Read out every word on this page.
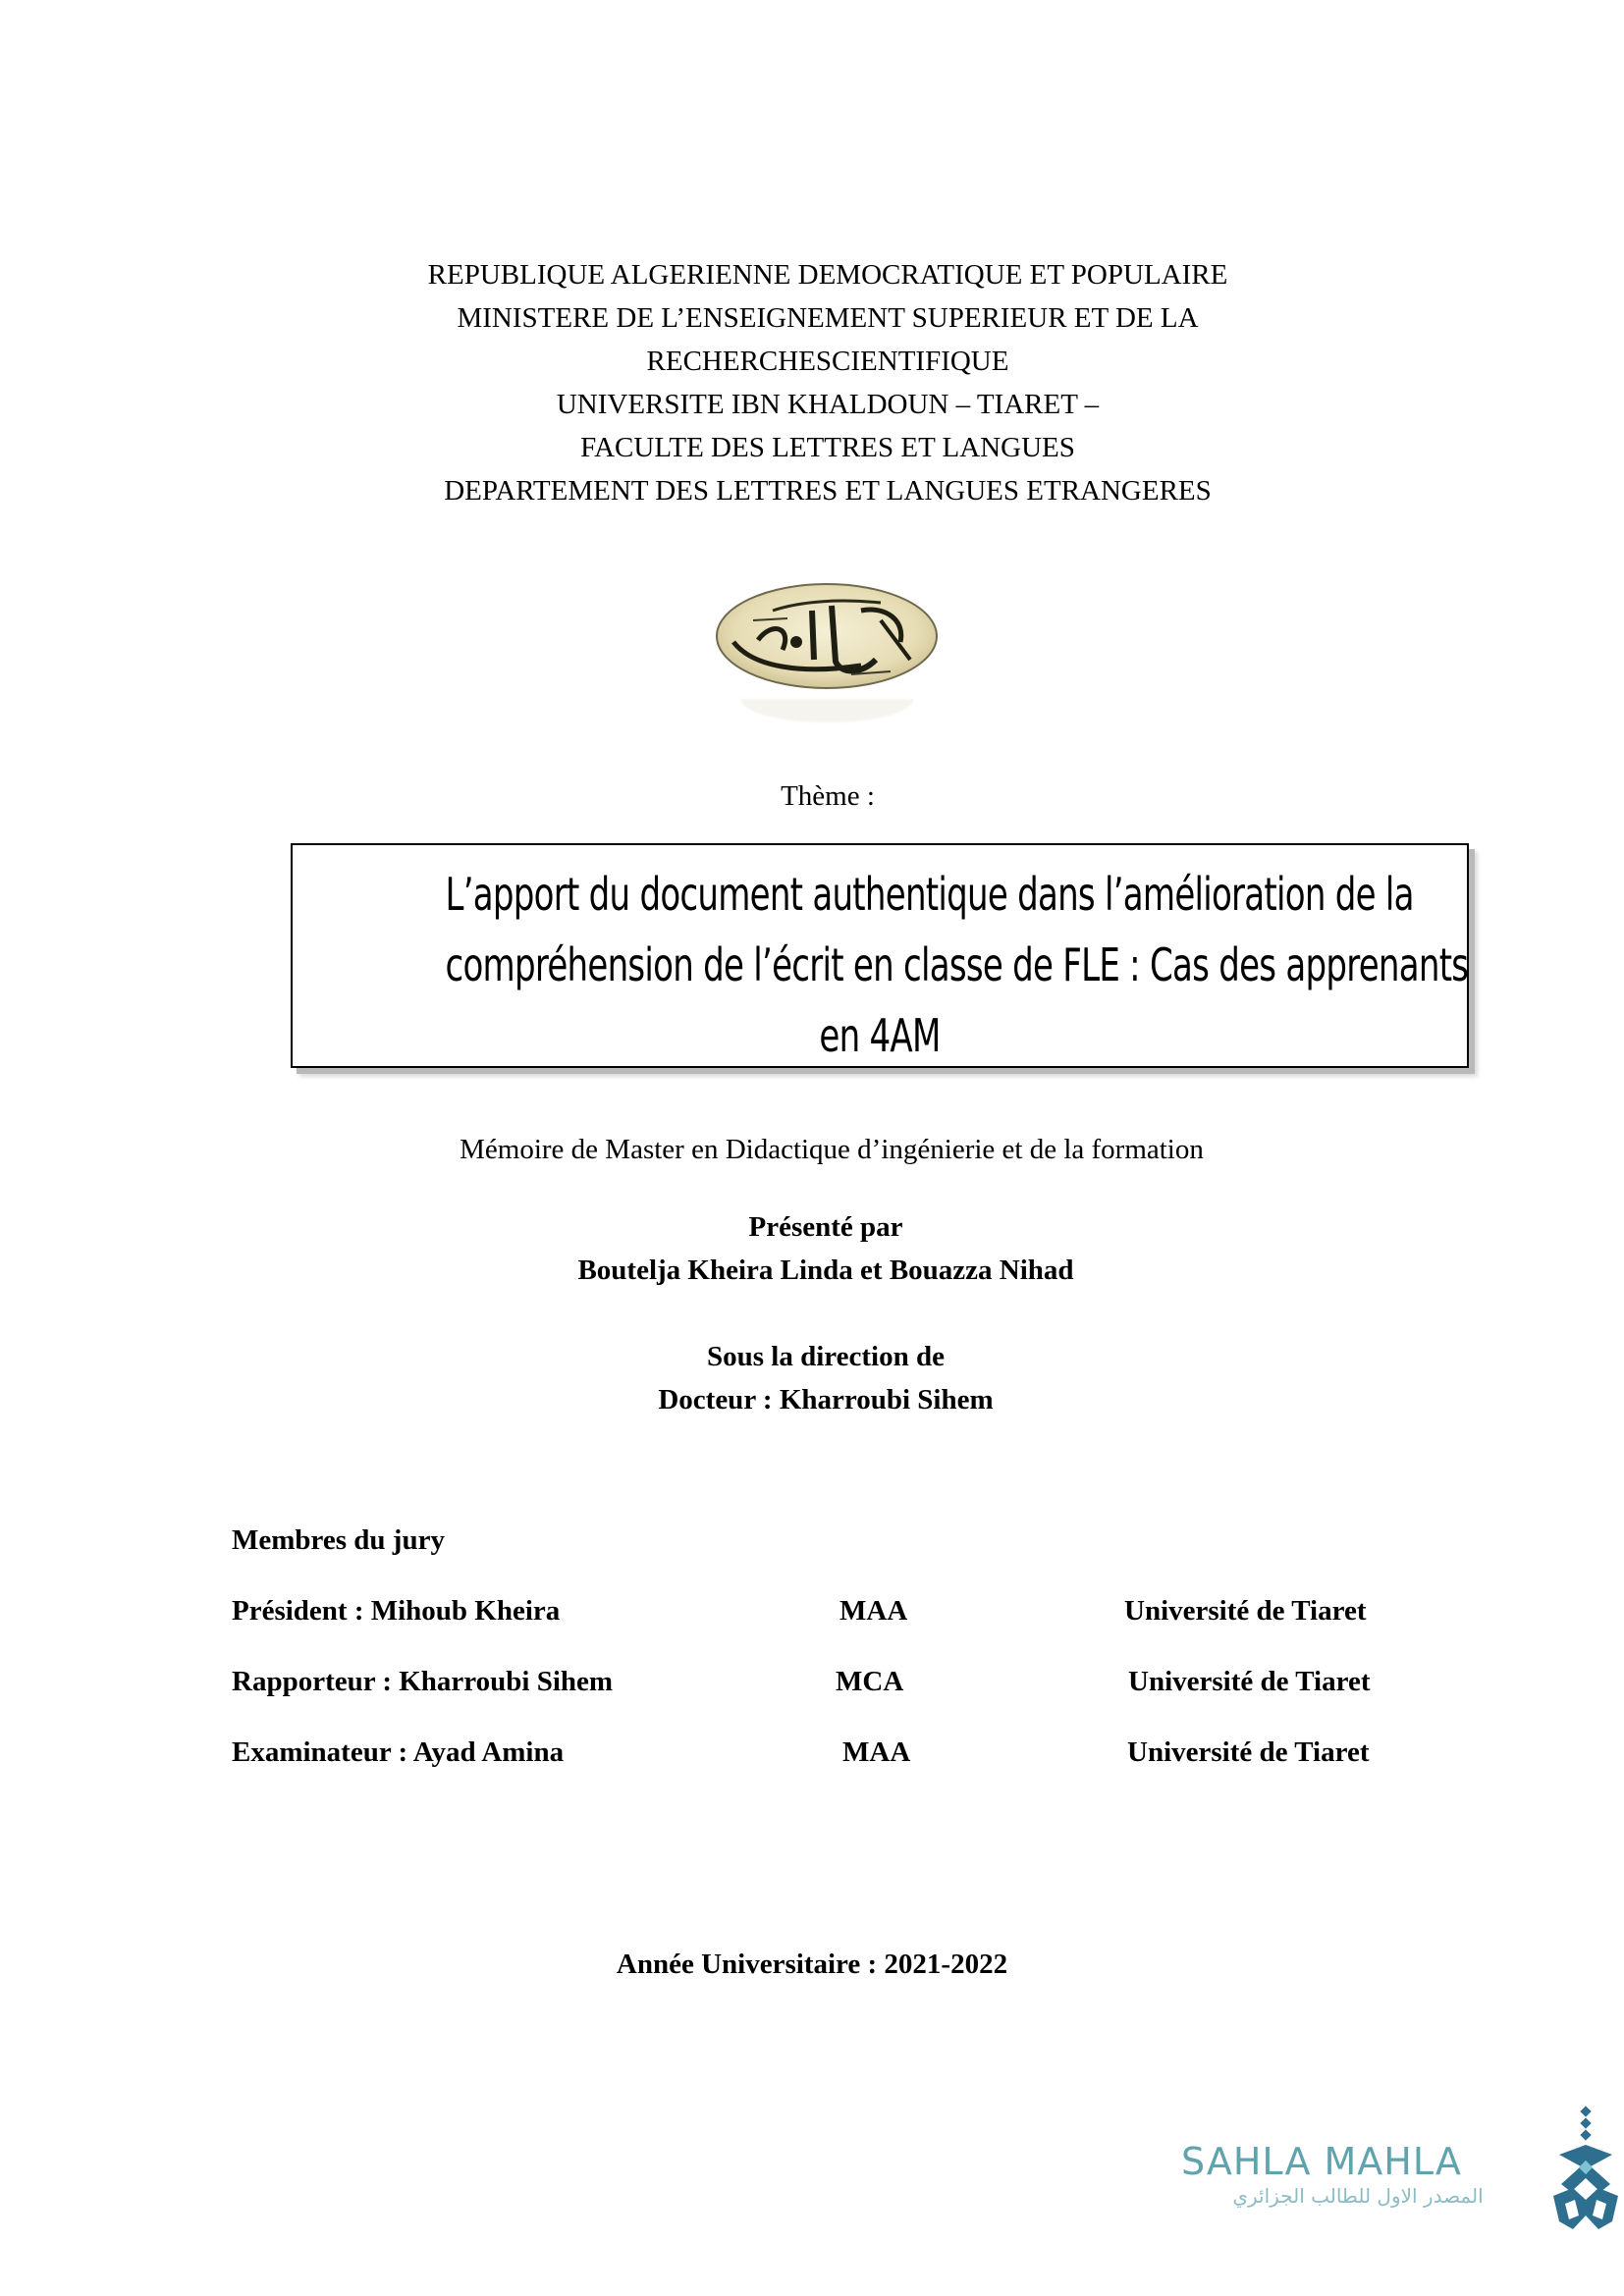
REPUBLIQUE ALGERIENNE DEMOCRATIQUE ET POPULAIRE
MINISTERE DE L’ENSEIGNEMENT SUPERIEUR ET DE LA
RECHERCHESCIENTIFIQUE
UNIVERSITE IBN KHALDOUN – TIARET –
FACULTE DES LETTRES ET LANGUES
DEPARTEMENT DES LETTRES ET LANGUES ETRANGERES
Thème :
L’apport du document authentique dans l’amélioration de la
compréhension de l’écrit en classe de FLE : Cas des apprenants
en 4AM
Mémoire de Master en Didactique d’ingénierie et de la formation
Présenté par
Boutelja Kheira Linda et Bouazza Nihad
Sous la direction de
Docteur : Kharroubi Sihem
Membres du jury
Président : Mihoub Kheira	MAA	Université de Tiaret
Rapporteur : Kharroubi Sihem	MCA	Université de Tiaret
Examinateur : Ayad Amina	MAA	Université de Tiaret
Année Universitaire : 2021-2022
SAHLA MAHLA
المصدر الاول للطالب الجزائري
